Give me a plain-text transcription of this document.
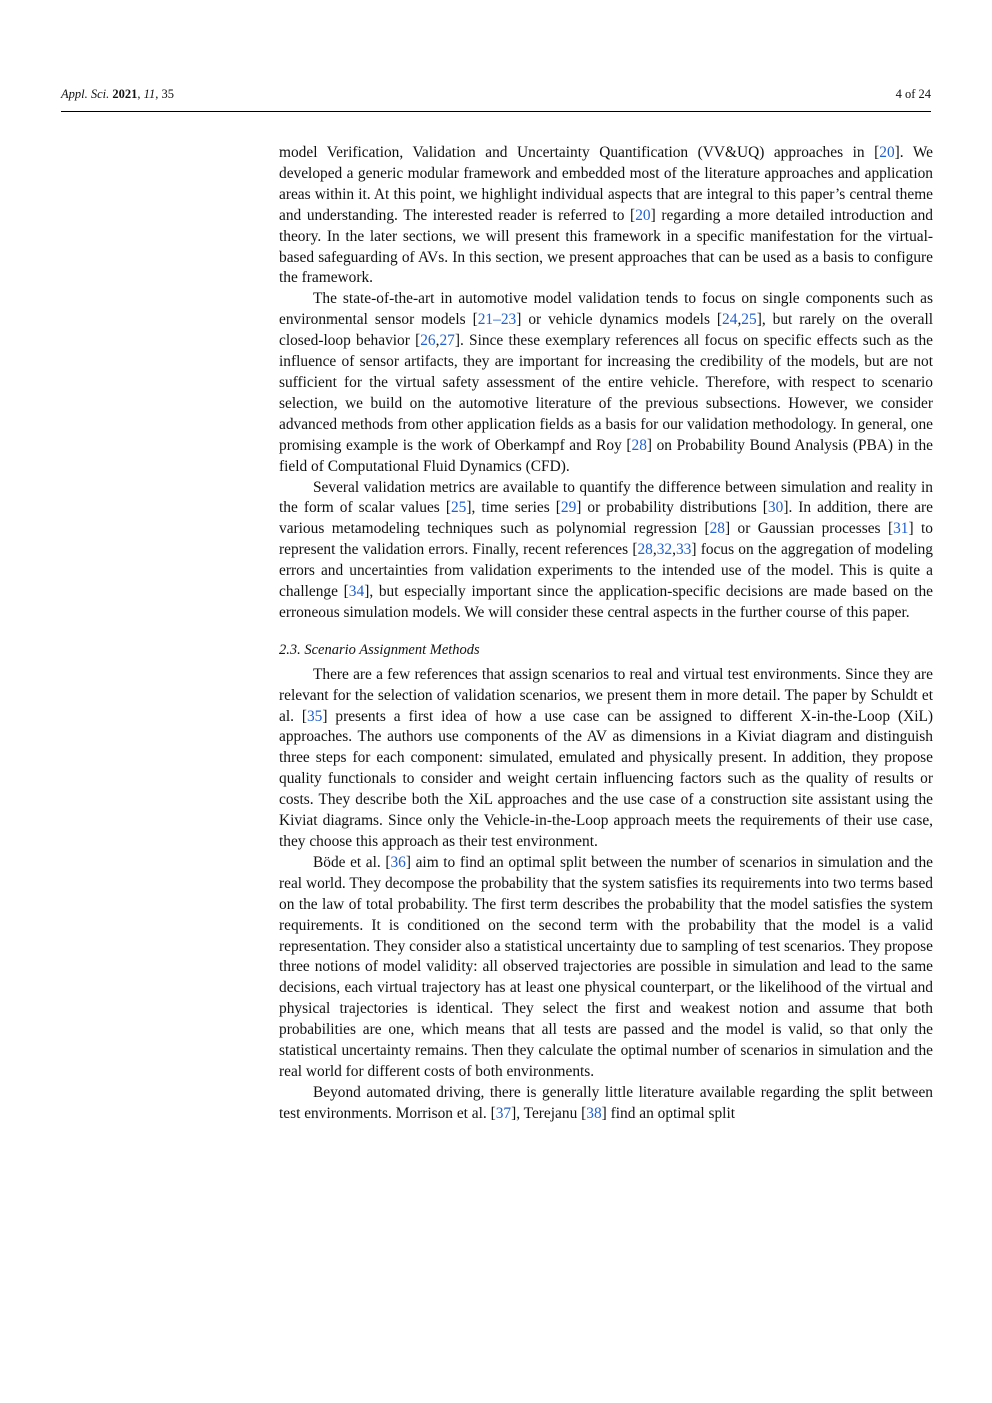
Appl. Sci. 2021, 11, 35	4 of 24

model Verification, Validation and Uncertainty Quantification (VV&UQ) approaches in [20]. We developed a generic modular framework and embedded most of the literature approaches and application areas within it. At this point, we highlight individual aspects that are integral to this paper’s central theme and understanding. The interested reader is referred to [20] regarding a more detailed introduction and theory. In the later sections, we will present this framework in a specific manifestation for the virtual-based safeguarding of AVs. In this section, we present approaches that can be used as a basis to configure the framework.

The state-of-the-art in automotive model validation tends to focus on single components such as environmental sensor models [21–23] or vehicle dynamics models [24,25], but rarely on the overall closed-loop behavior [26,27]. Since these exemplary references all focus on specific effects such as the influence of sensor artifacts, they are important for increasing the credibility of the models, but are not sufficient for the virtual safety assessment of the entire vehicle. Therefore, with respect to scenario selection, we build on the automotive literature of the previous subsections. However, we consider advanced methods from other application fields as a basis for our validation methodology. In general, one promising example is the work of Oberkampf and Roy [28] on Probability Bound Analysis (PBA) in the field of Computational Fluid Dynamics (CFD).

Several validation metrics are available to quantify the difference between simulation and reality in the form of scalar values [25], time series [29] or probability distributions [30]. In addition, there are various metamodeling techniques such as polynomial regression [28] or Gaussian processes [31] to represent the validation errors. Finally, recent references [28,32,33] focus on the aggregation of modeling errors and uncertainties from validation experiments to the intended use of the model. This is quite a challenge [34], but especially important since the application-specific decisions are made based on the erroneous simulation models. We will consider these central aspects in the further course of this paper.

2.3. Scenario Assignment Methods

There are a few references that assign scenarios to real and virtual test environments. Since they are relevant for the selection of validation scenarios, we present them in more detail. The paper by Schuldt et al. [35] presents a first idea of how a use case can be assigned to different X-in-the-Loop (XiL) approaches. The authors use components of the AV as dimensions in a Kiviat diagram and distinguish three steps for each component: simulated, emulated and physically present. In addition, they propose quality functionals to consider and weight certain influencing factors such as the quality of results or costs. They describe both the XiL approaches and the use case of a construction site assistant using the Kiviat diagrams. Since only the Vehicle-in-the-Loop approach meets the requirements of their use case, they choose this approach as their test environment.

Böde et al. [36] aim to find an optimal split between the number of scenarios in simulation and the real world. They decompose the probability that the system satisfies its requirements into two terms based on the law of total probability. The first term describes the probability that the model satisfies the system requirements. It is conditioned on the second term with the probability that the model is a valid representation. They consider also a statistical uncertainty due to sampling of test scenarios. They propose three notions of model validity: all observed trajectories are possible in simulation and lead to the same decisions, each virtual trajectory has at least one physical counterpart, or the likelihood of the virtual and physical trajectories is identical. They select the first and weakest notion and assume that both probabilities are one, which means that all tests are passed and the model is valid, so that only the statistical uncertainty remains. Then they calculate the optimal number of scenarios in simulation and the real world for different costs of both environments.

Beyond automated driving, there is generally little literature available regarding the split between test environments. Morrison et al. [37], Terejanu [38] find an optimal split
